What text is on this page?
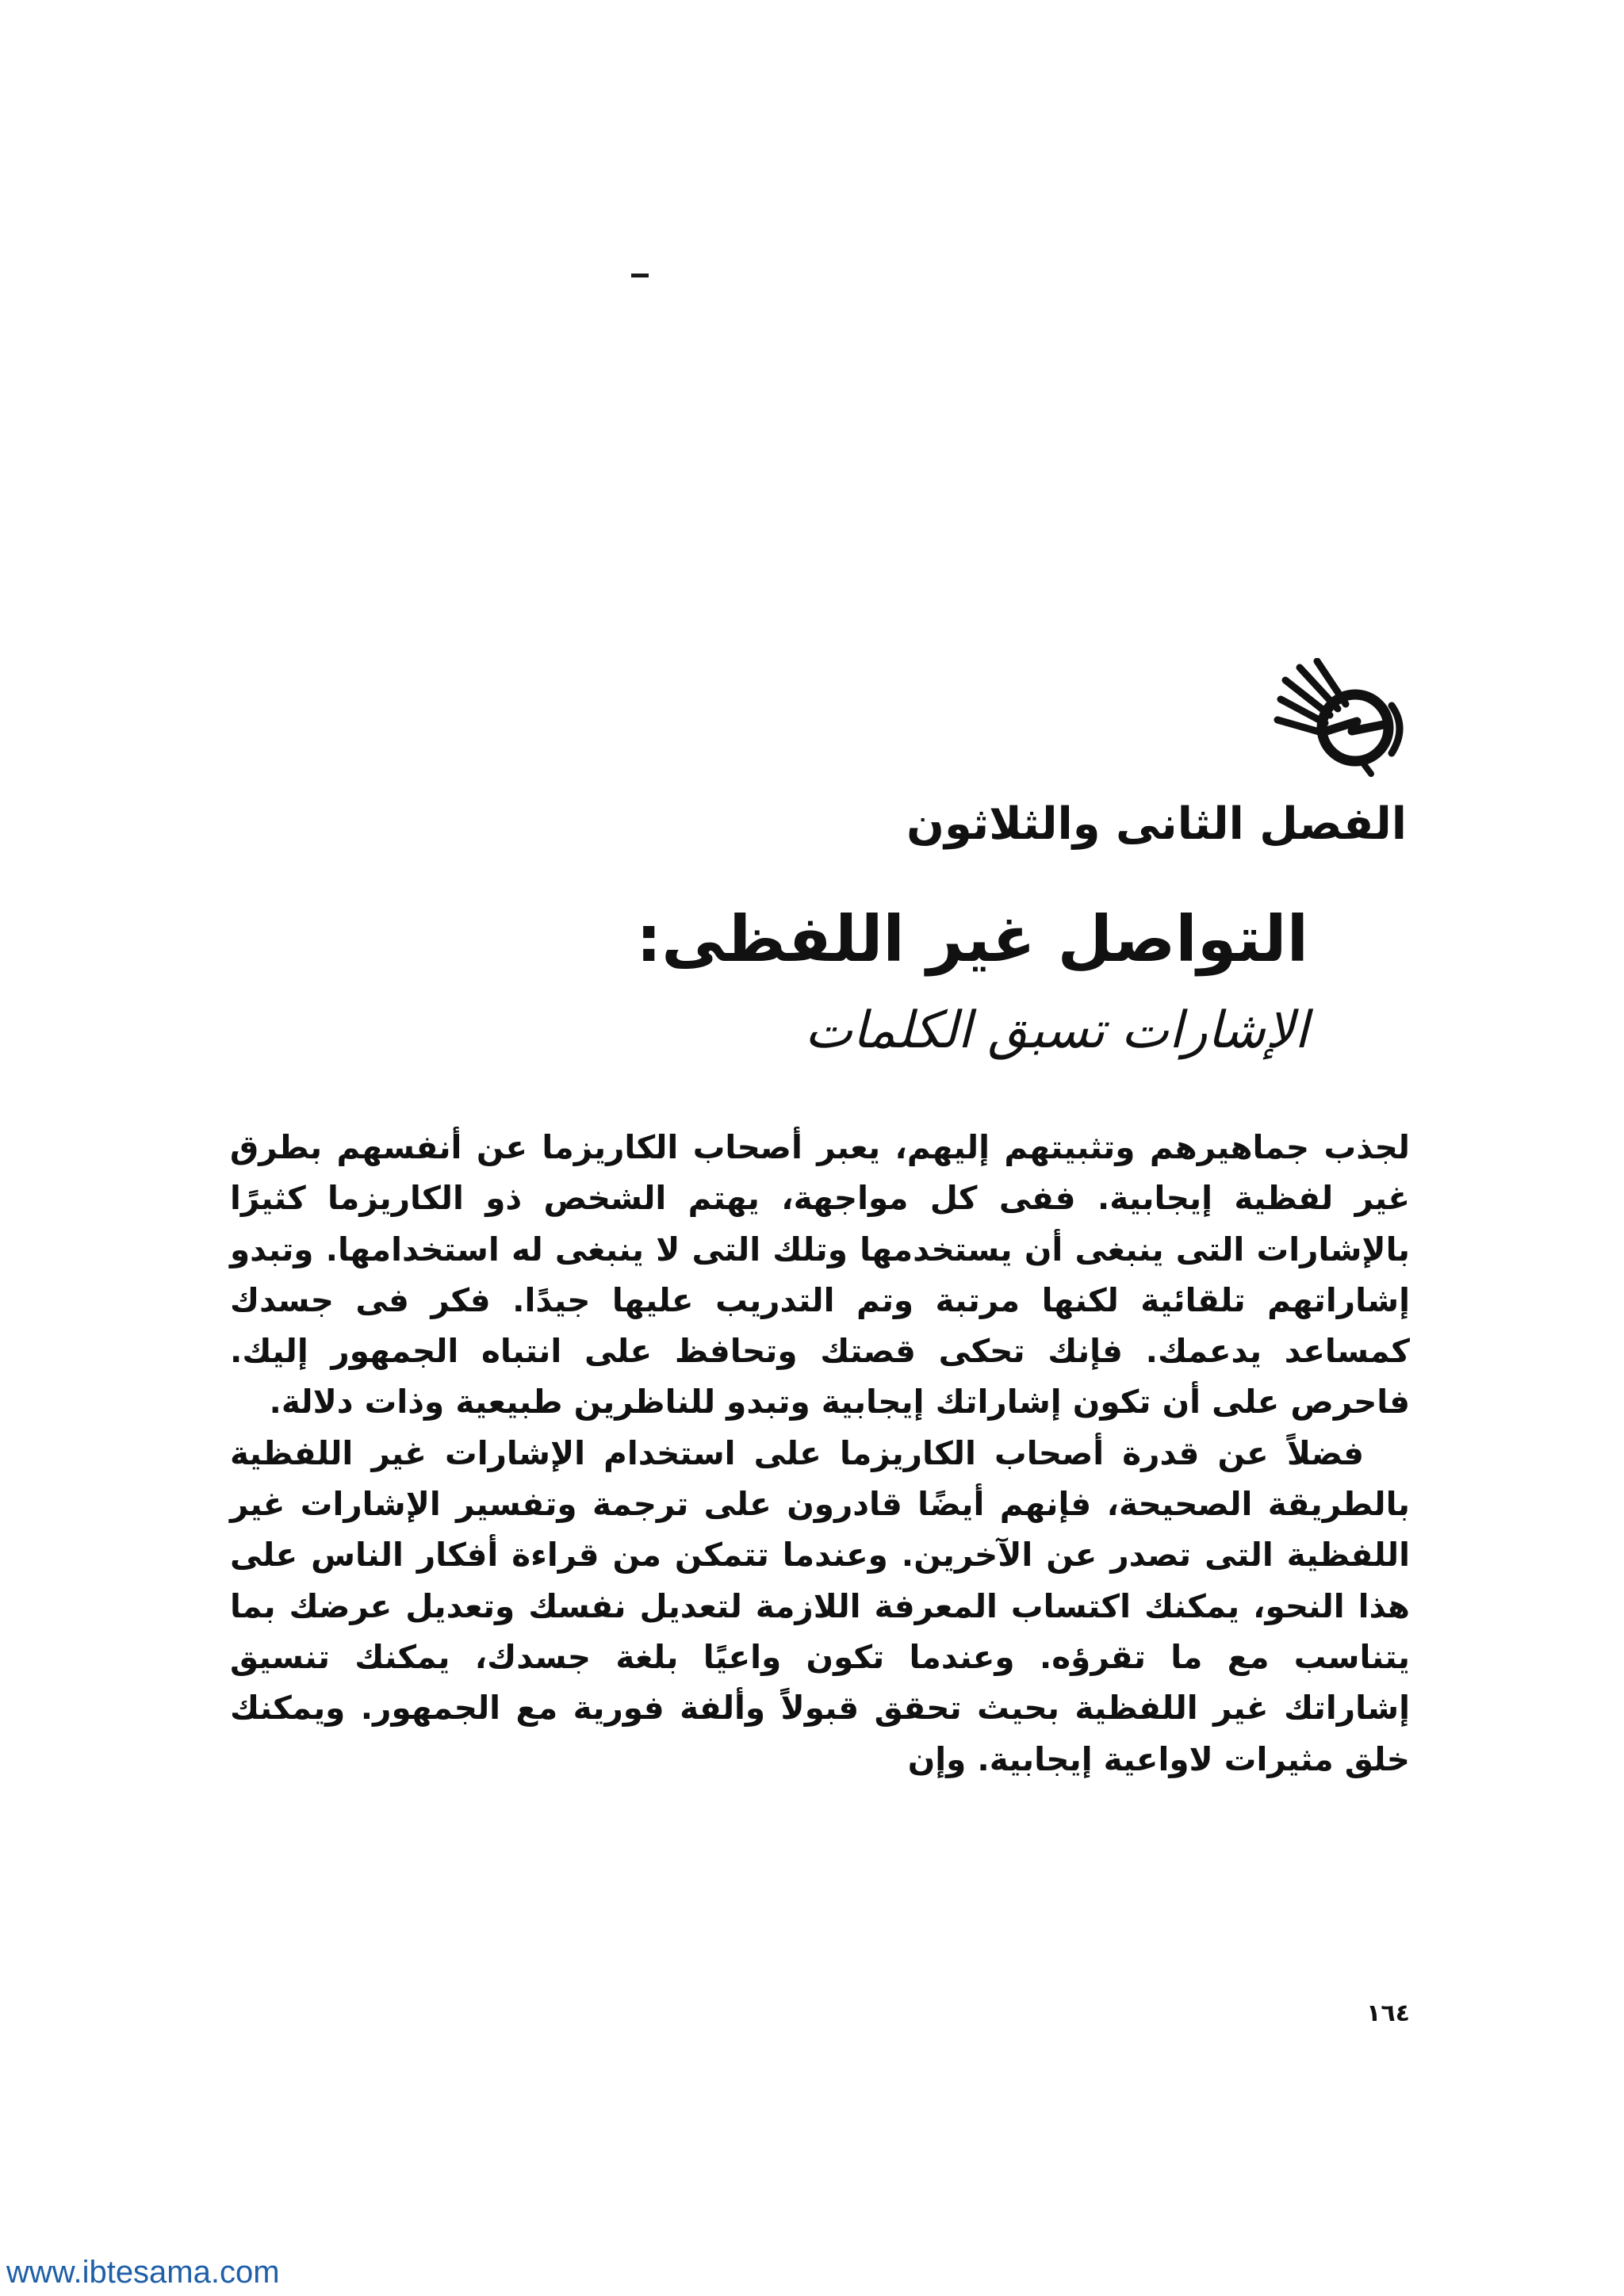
الفصل الثانى والثلاثون
التواصل غير اللفظى:
الإشارات تسبق الكلمات

لجذب جماهيرهم وتثبيتهم إليهم، يعبر أصحاب الكاريزما عن أنفسهم بطرق غير لفظية إيجابية. ففى كل مواجهة، يهتم الشخص ذو الكاريزما كثيرًا بالإشارات التى ينبغى أن يستخدمها وتلك التى لا ينبغى له استخدامها. وتبدو إشاراتهم تلقائية لكنها مرتبة وتم التدريب عليها جيدًا. فكر فى جسدك كمساعد يدعمك. فإنك تحكى قصتك وتحافظ على انتباه الجمهور إليك. فاحرص على أن تكون إشاراتك إيجابية وتبدو للناظرين طبيعية وذات دلالة.

فضلاً عن قدرة أصحاب الكاريزما على استخدام الإشارات غير اللفظية بالطريقة الصحيحة، فإنهم أيضًا قادرون على ترجمة وتفسير الإشارات غير اللفظية التى تصدر عن الآخرين. وعندما تتمكن من قراءة أفكار الناس على هذا النحو، يمكنك اكتساب المعرفة اللازمة لتعديل نفسك وتعديل عرضك بما يتناسب مع ما تقرؤه. وعندما تكون واعيًا بلغة جسدك، يمكنك تنسيق إشاراتك غير اللفظية بحيث تحقق قبولاً وألفة فورية مع الجمهور. ويمكنك خلق مثيرات لاواعية إيجابية. وإن

١٦٤
www.ibtesama.com
